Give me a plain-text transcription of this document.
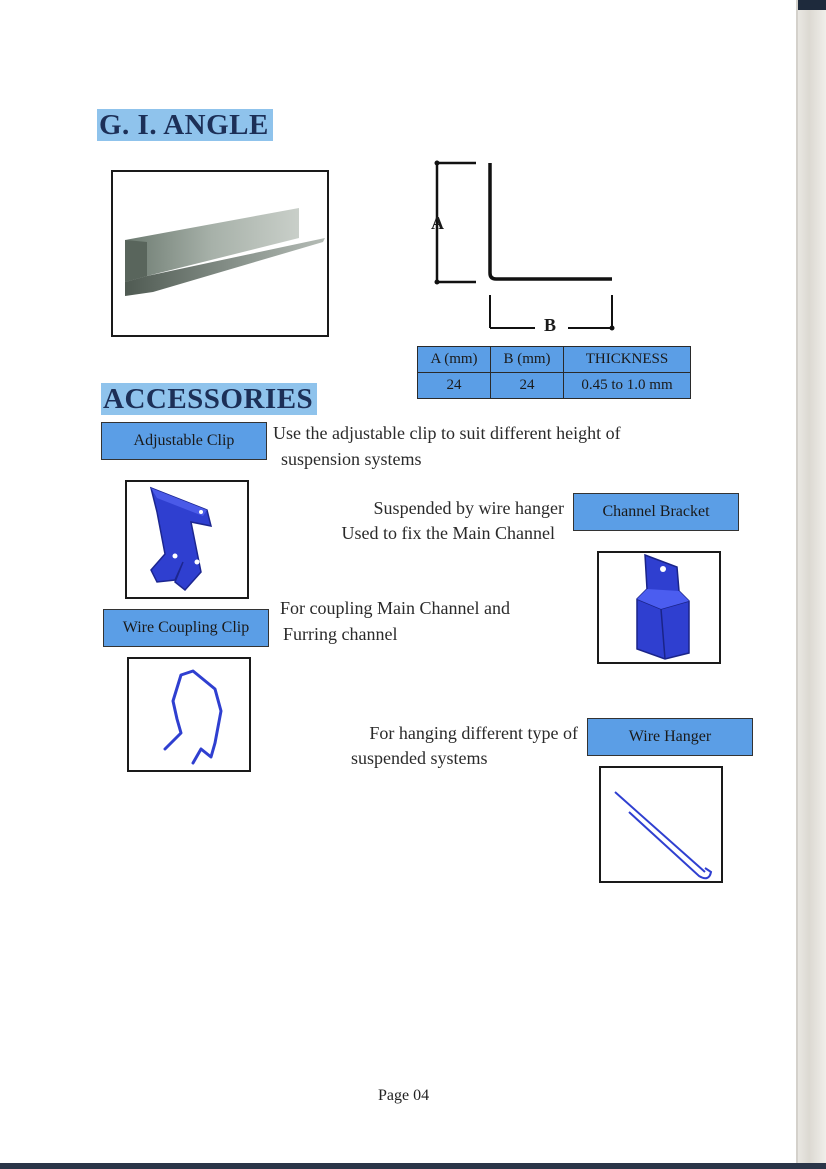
G. I. ANGLE
A
B
A (mm)	B (mm)	THICKNESS
24	24	0.45 to 1.0 mm
ACCESSORIES
Adjustable Clip	Use the adjustable clip to suit different height of
suspension systems
Suspended by wire hanger
Used to fix the Main Channel
Channel Bracket
Wire Coupling Clip
For coupling Main Channel and
Furring channel
For hanging different type of
suspended systems
Wire Hanger
Page 04
